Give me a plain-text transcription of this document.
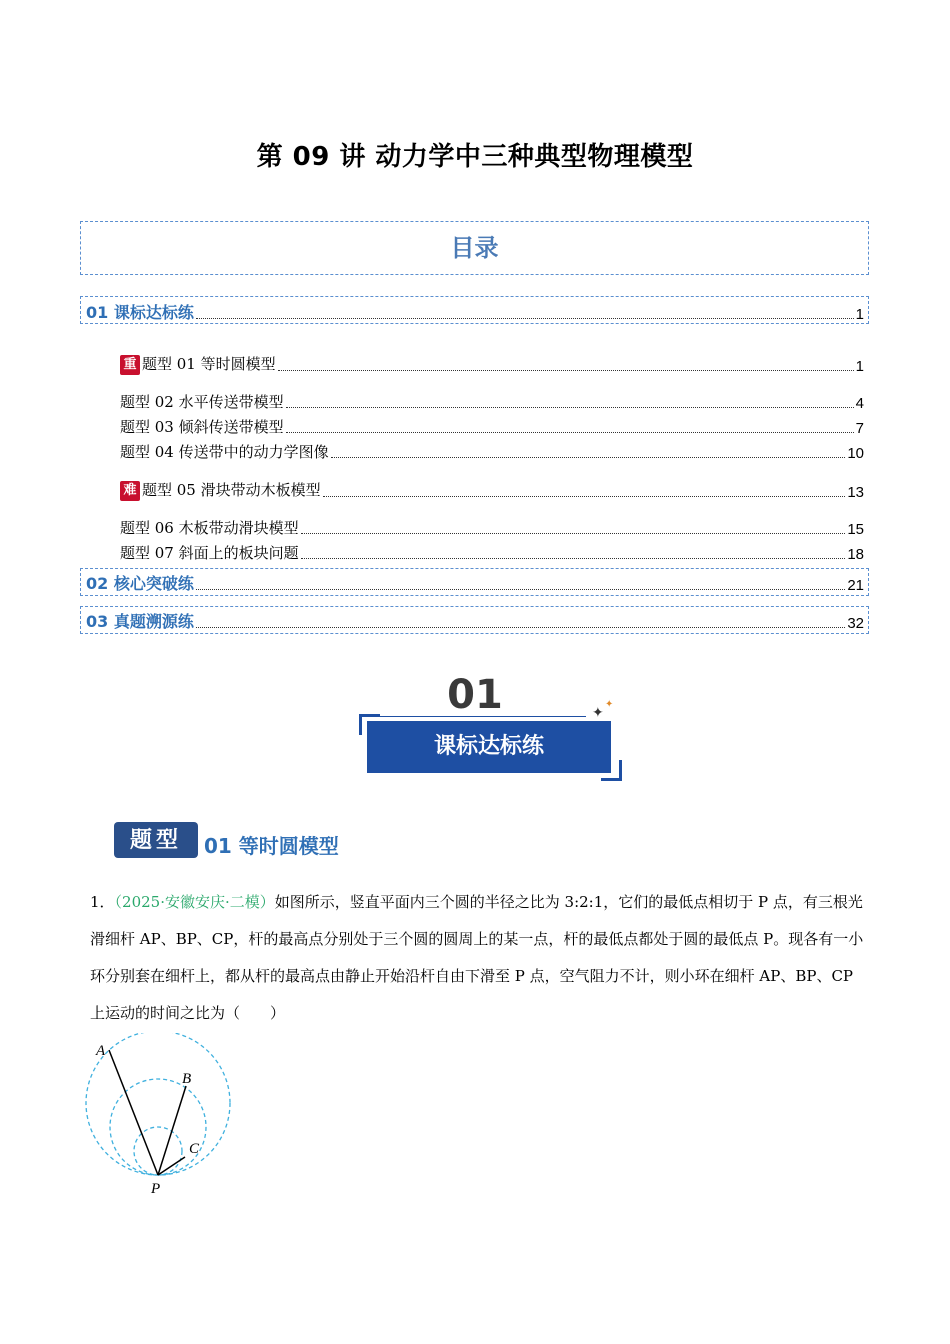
第 09 讲 动力学中三种典型物理模型
目录
01 课标达标练	1
重 题型 01 等时圆模型	1
题型 02 水平传送带模型	4
题型 03 倾斜传送带模型	7
题型 04 传送带中的动力学图像	10
难 题型 05 滑块带动木板模型	13
题型 06 木板带动滑块模型	15
题型 07 斜面上的板块问题	18
02 核心突破练	21
03 真题溯源练	32
01
课标达标练
✦
✦
题型	01 等时圆模型
1．（2025·安徽安庆·二模）如图所示，竖直平面内三个圆的半径之比为 3:2:1，它们的最低点相切于 P 点，有三根光滑细杆 AP、BP、CP，杆的最高点分别处于三个圆的圆周上的某一点，杆的最低点都处于圆的最低点 P。现各有一小环分别套在细杆上，都从杆的最高点由静止开始沿杆自由下滑至 P 点，空气阻力不计，则小环在细杆 AP、BP、CP 上运动的时间之比为（　　）
A
B
C
P
